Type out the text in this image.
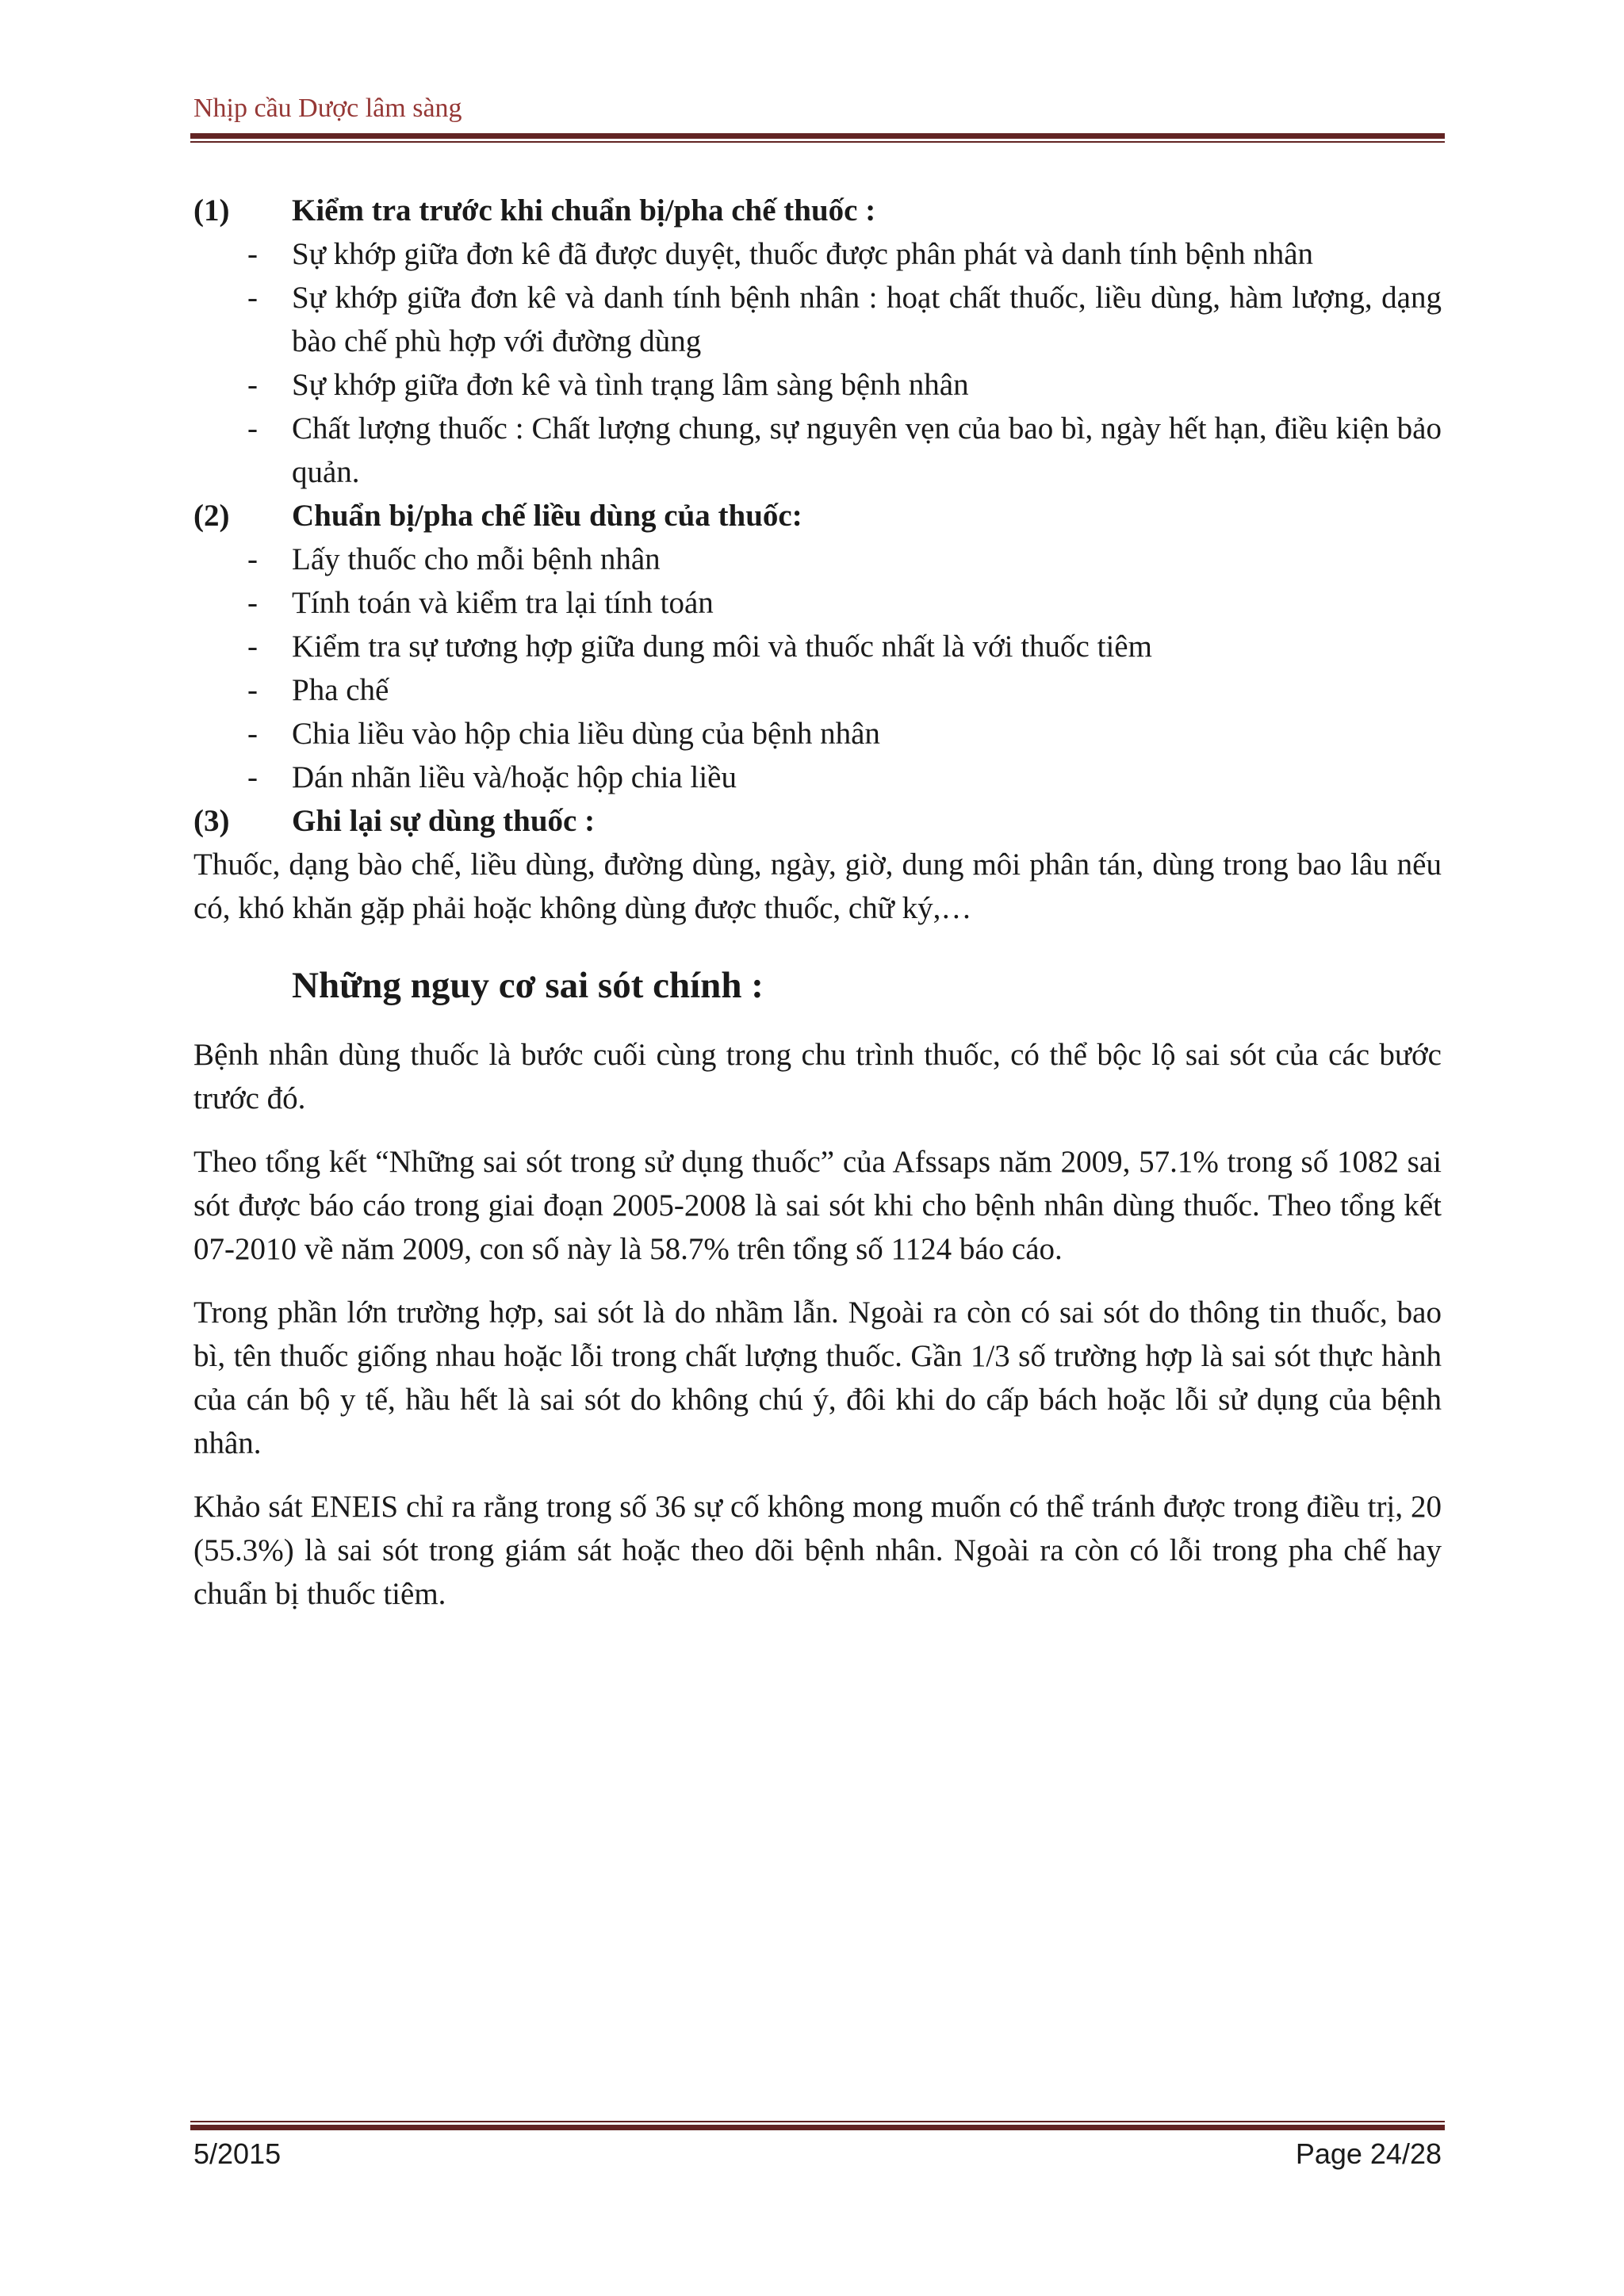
Nhịp cầu Dược lâm sàng
(1)	Kiểm tra trước khi chuẩn bị/pha chế thuốc :
-	Sự khớp giữa đơn kê đã được duyệt, thuốc được phân phát và danh tính bệnh nhân
-	Sự khớp giữa đơn kê và danh tính bệnh nhân : hoạt chất thuốc, liều dùng, hàm lượng, dạng bào chế phù hợp với đường dùng
-	Sự khớp giữa đơn kê và tình trạng lâm sàng bệnh nhân
-	Chất lượng thuốc : Chất lượng chung, sự nguyên vẹn của bao bì, ngày hết hạn, điều kiện bảo quản.
(2)	Chuẩn bị/pha chế liều dùng của thuốc:
-	Lấy thuốc cho mỗi bệnh nhân
-	Tính toán và kiểm tra lại tính toán
-	Kiểm tra sự tương hợp giữa dung môi và thuốc nhất là với thuốc tiêm
-	Pha chế
-	Chia liều vào hộp chia liều dùng của bệnh nhân
-	Dán nhãn liều và/hoặc hộp chia liều
(3)	Ghi lại sự dùng thuốc :

Thuốc, dạng bào chế, liều dùng, đường dùng, ngày, giờ, dung môi phân tán, dùng trong bao lâu nếu có, khó khăn gặp phải hoặc không dùng được thuốc, chữ ký,…

Những nguy cơ sai sót chính :

Bệnh nhân dùng thuốc là bước cuối cùng trong chu trình thuốc, có thể bộc lộ sai sót của các bước trước đó.

Theo tổng kết “Những sai sót trong sử dụng thuốc” của Afssaps năm 2009, 57.1% trong số 1082 sai sót được báo cáo trong giai đoạn 2005-2008 là sai sót khi cho bệnh nhân dùng thuốc. Theo tổng kết 07-2010 về năm 2009, con số này là 58.7% trên tổng số 1124 báo cáo.

Trong phần lớn trường hợp, sai sót là do nhầm lẫn. Ngoài ra còn có sai sót do thông tin thuốc, bao bì, tên thuốc giống nhau hoặc lỗi trong chất lượng thuốc. Gần 1/3 số trường hợp là sai sót thực hành của cán bộ y tế, hầu hết là sai sót do không chú ý, đôi khi do cấp bách hoặc lỗi sử dụng của bệnh nhân.

Khảo sát ENEIS chỉ ra rằng trong số 36 sự cố không mong muốn có thể tránh được trong điều trị, 20 (55.3%) là sai sót trong giám sát hoặc theo dõi bệnh nhân. Ngoài ra còn có lỗi trong pha chế hay chuẩn bị thuốc tiêm.

5/2015	Page 24/28
